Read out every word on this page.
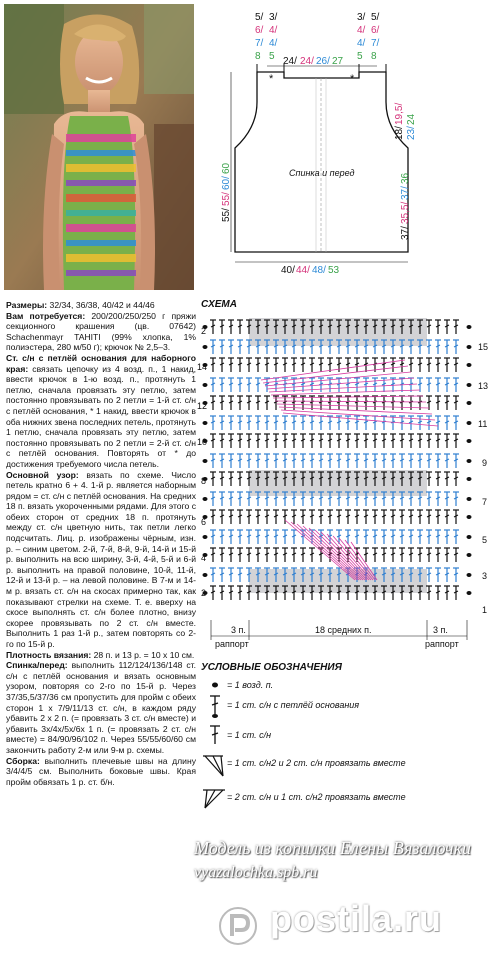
Размеры: 32/34, 36/38, 40/42 и 44/46

Вам потребуется: 200/200/250/250 г пряжи секционного крашения (цв. 07642) Schachenmayr TAHITI (99% хлопка, 1% полиэстера, 280 м/50 г); крючок № 2,5–3.

Ст. с/н с петлёй основания для наборного края: связать цепочку из 4 возд. п., 1 накид, ввести крючок в 1-ю возд. п., протянуть 1 петлю, сначала провязать эту петлю, затем постоянно провязывать по 2 петли = 1-й ст. с/н с петлёй основания, * 1 накид, ввести крючок в оба нижних звена последних петель, протянуть 1 петлю, сначала провязать эту петлю, затем постоянно провязывать по 2 петли = 2-й ст. с/н с петлёй основания. Повторять от * до достижения требуемого числа петель.

Основной узор: вязать по схеме. Число петель кратно 6 + 4. 1-й р. является наборным рядом = ст. с/н с петлёй основания. На средних 18 п. вязать укороченными рядами. Для этого с обеих сторон от средних 18 п. протянуть между ст. с/н цветную нить, так петли легко подсчитать. Лиц. р. изображены чёрным, изн. р. – синим цветом. 2-й, 7-й, 8-й, 9-й, 14-й и 15-й р. выполнить на всю ширину, 3-й, 4-й, 5-й и 6-й р. выполнить на правой половине, 10-й, 11-й, 12-й и 13-й р. – на левой половине. В 7-м и 14-м р. вязать ст. с/н на скосах примерно так, как показывают стрелки на схеме. Т. е. вверху на скосе выполнять ст. с/н более плотно, внизу скорее провязывать по 2 ст. с/н вместе. Выполнить 1 раз 1-й р., затем повторять со 2-го по 15-й р.

Плотность вязания: 28 п. и 13 р. = 10 х 10 см.

Спинка/перед: выполнить 112/124/136/148 ст. с/н с петлёй основания и вязать основным узором, повторяя со 2-го по 15-й р. Через 37/35,5/37/36 см пропустить для пройм с обеих сторон 1 х 7/9/11/13 ст. с/н, в каждом ряду убавить 2 х 2 п. (= провязать 3 ст. с/н вместе) и убавить 3х/4х/5х/6х 1 п. (= провязать 2 ст. с/н вместе) = 84/90/96/102 п. Через 55/55/60/60 см закончить работу 2-м или 9-м р. схемы.

Сборка: выполнить плечевые швы на длину 3/4/4/5 см. Выполнить боковые швы. Края пройм обвязать 1 р. ст. б/н.

5/
6/
7/
8
3/
4/
4/
5
3/
4/
4/
5
5/
6/
7/
8
24/ 24/ 26/ 27
*	*
Спинка и перед
55/
55/
60/
60
18/
19,5/
23/
24
37/
35,5/
37/
36
40/ 44/ 48/ 53
СХЕМА
2
14
12
10
8
6
4
2
15
13
11
9
7
5
3
1
3 п.
раппорт
18 средних п.	3 п.
раппорт
УСЛОВНЫЕ ОБОЗНАЧЕНИЯ
= 1 возд. п.
= 1 ст. с/н с петлёй основания
= 1 ст. с/н
= 1 ст. с/н2 и 2 ст. с/н провязать вместе
= 2 ст. с/н и 1 ст. с/н2 провязать вместе
Модель из копилки Елены Вязалочки
vyazalochka.spb.ru
postila.ru
